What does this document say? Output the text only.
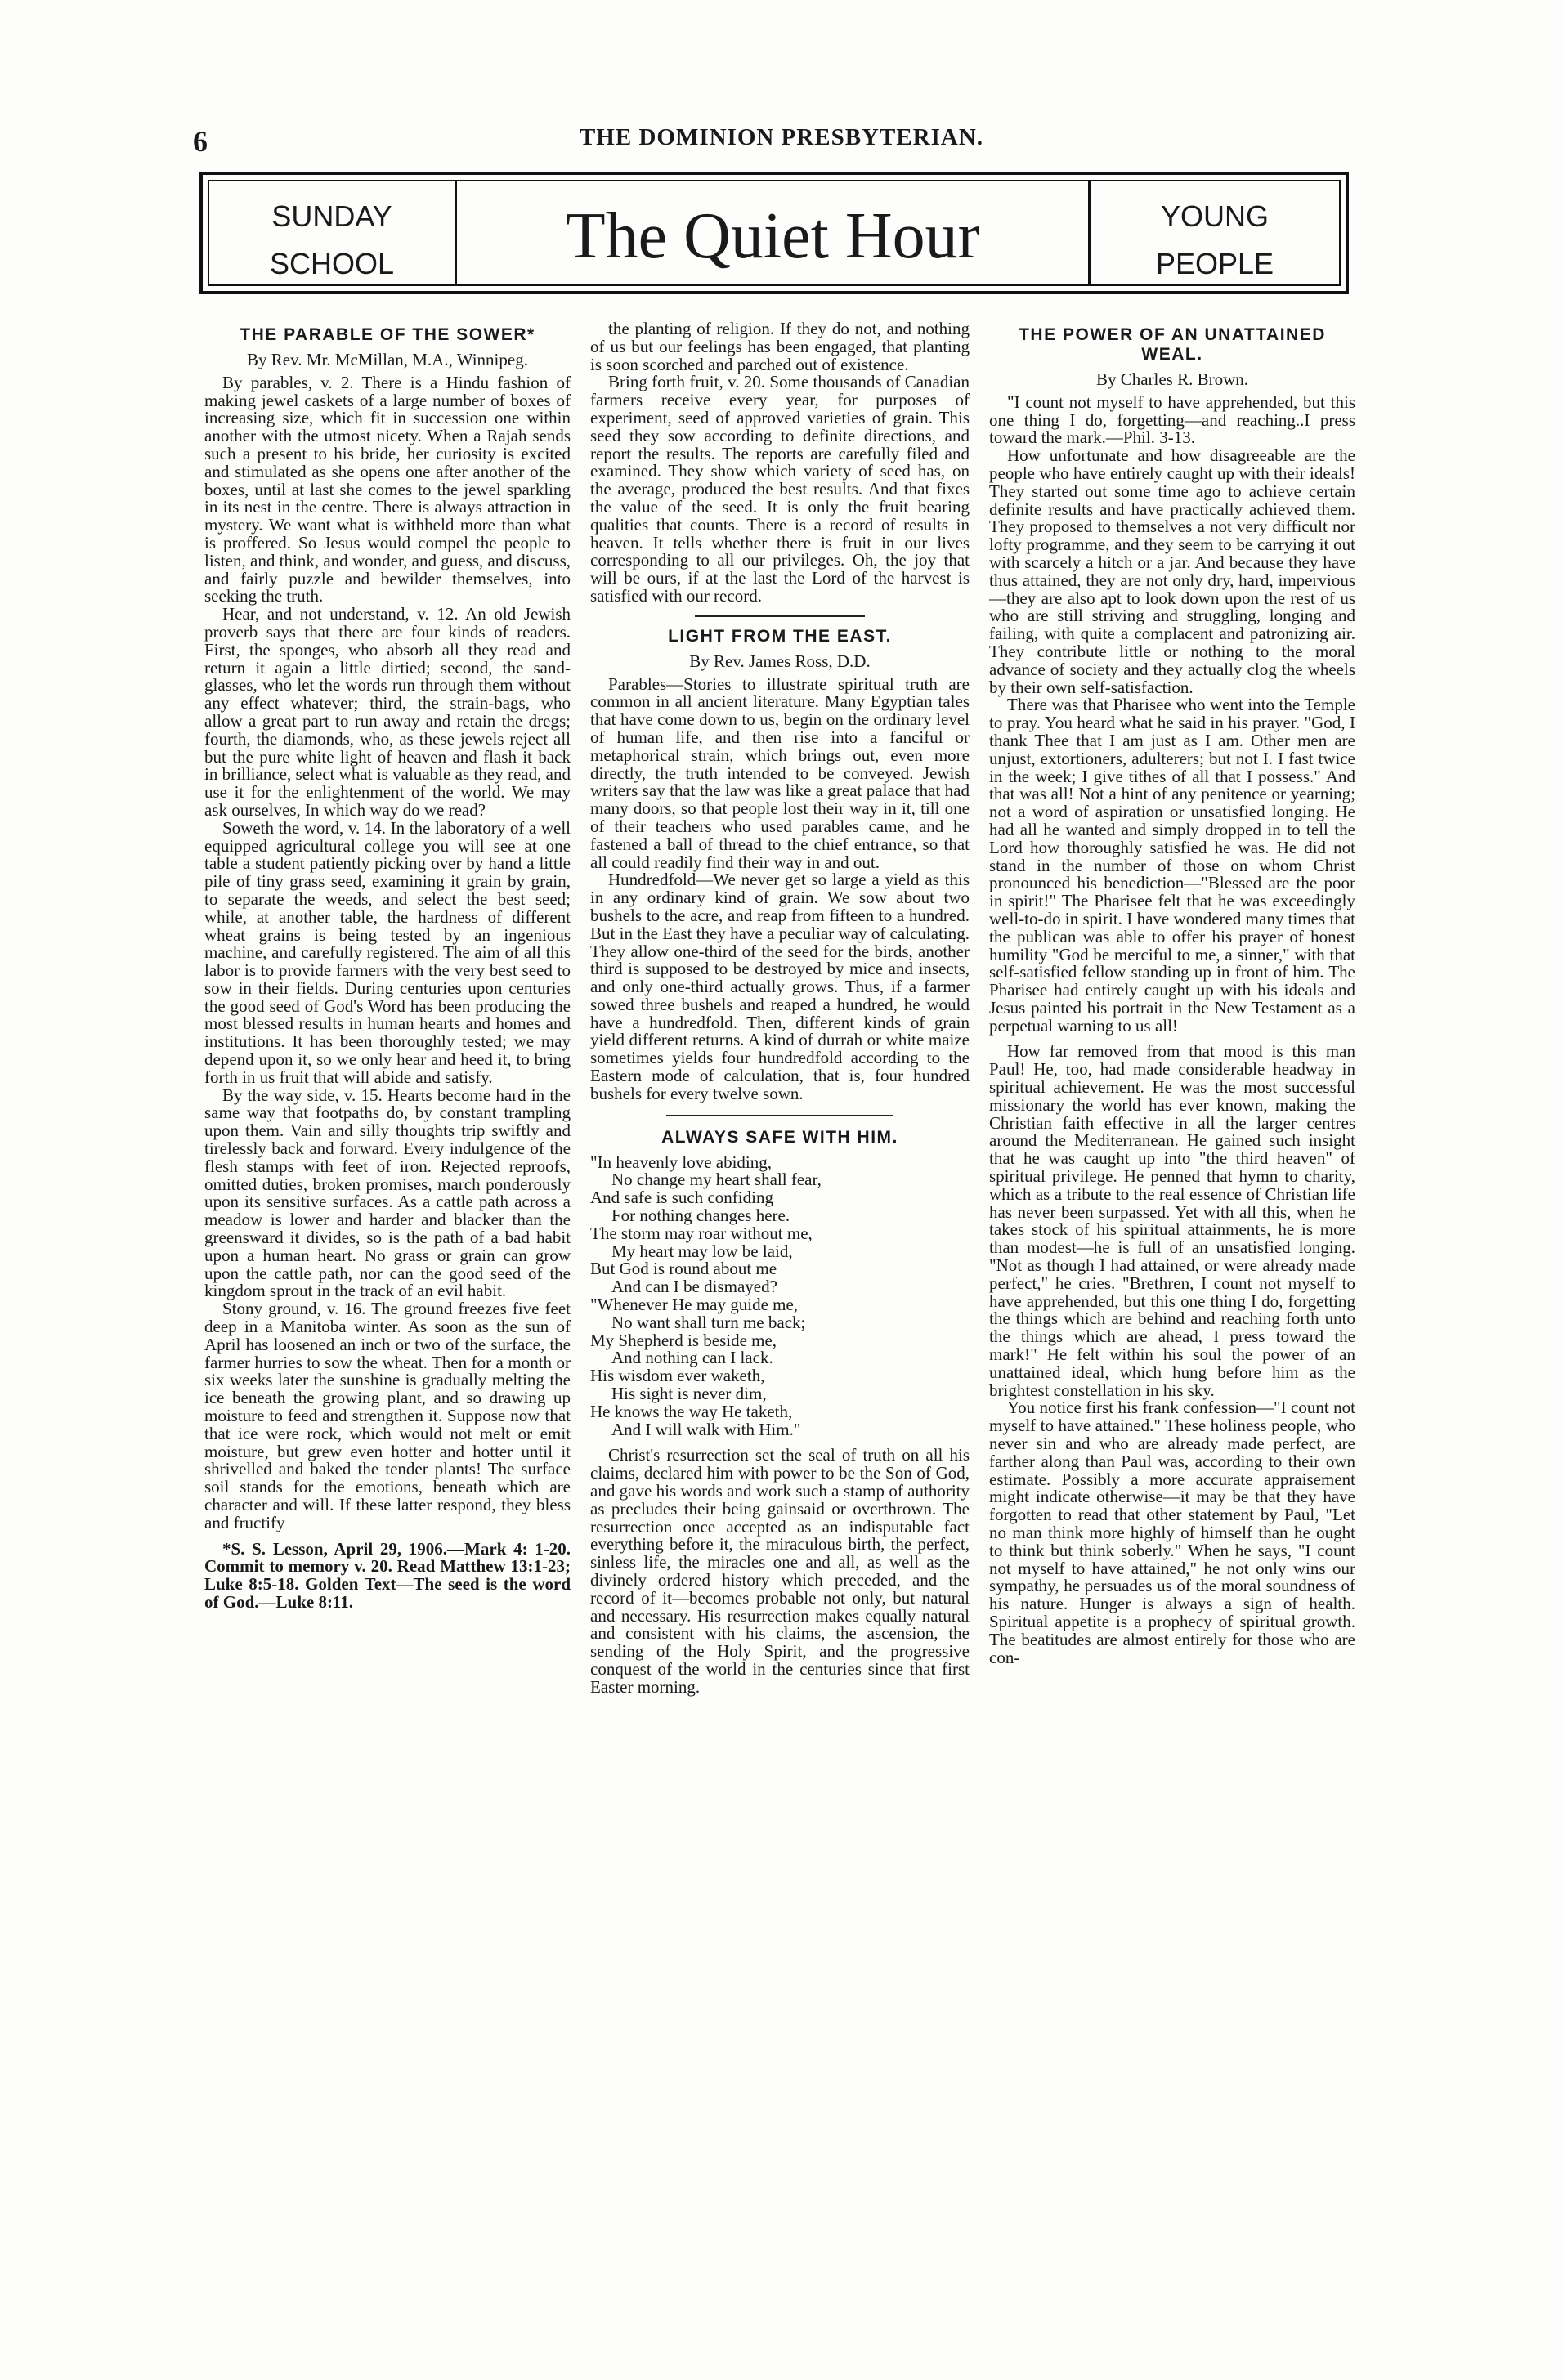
6	THE DOMINION PRESBYTERIAN.
SUNDAY
SCHOOL	The Quiet Hour	YOUNG
PEOPLE
THE PARABLE OF THE SOWER*

By Rev. Mr. McMillan, M.A., Winnipeg.

By parables, v. 2. There is a Hindu fashion of making jewel caskets of a large number of boxes of increasing size, which fit in succession one within another with the utmost nicety. When a Rajah sends such a present to his bride, her curiosity is excited and stimulated as she opens one after another of the boxes, until at last she comes to the jewel sparkling in its nest in the centre. There is always attraction in mystery. We want what is withheld more than what is proffered. So Jesus would compel the people to listen, and think, and wonder, and guess, and discuss, and fairly puzzle and bewilder themselves, into seeking the truth.

Hear, and not understand, v. 12. An old Jewish proverb says that there are four kinds of readers. First, the sponges, who absorb all they read and return it again a little dirtied; second, the sand-glasses, who let the words run through them without any effect whatever; third, the strain-bags, who allow a great part to run away and retain the dregs; fourth, the diamonds, who, as these jewels reject all but the pure white light of heaven and flash it back in brilliance, select what is valuable as they read, and use it for the enlightenment of the world. We may ask ourselves, In which way do we read?

Soweth the word, v. 14. In the laboratory of a well equipped agricultural college you will see at one table a student patiently picking over by hand a little pile of tiny grass seed, examining it grain by grain, to separate the weeds, and select the best seed; while, at another table, the hardness of different wheat grains is being tested by an ingenious machine, and carefully registered. The aim of all this labor is to provide farmers with the very best seed to sow in their fields. During centuries upon centuries the good seed of God's Word has been producing the most blessed results in human hearts and homes and institutions. It has been thoroughly tested; we may depend upon it, so we only hear and heed it, to bring forth in us fruit that will abide and satisfy.

By the way side, v. 15. Hearts become hard in the same way that footpaths do, by constant trampling upon them. Vain and silly thoughts trip swiftly and tirelessly back and forward. Every indulgence of the flesh stamps with feet of iron. Rejected reproofs, omitted duties, broken promises, march ponderously upon its sensitive surfaces. As a cattle path across a meadow is lower and harder and blacker than the greensward it divides, so is the path of a bad habit upon a human heart. No grass or grain can grow upon the cattle path, nor can the good seed of the kingdom sprout in the track of an evil habit.

Stony ground, v. 16. The ground freezes five feet deep in a Manitoba winter. As soon as the sun of April has loosened an inch or two of the surface, the farmer hurries to sow the wheat. Then for a month or six weeks later the sunshine is gradually melting the ice beneath the growing plant, and so drawing up moisture to feed and strengthen it. Suppose now that that ice were rock, which would not melt or emit moisture, but grew even hotter and hotter until it shrivelled and baked the tender plants! The surface soil stands for the emotions, beneath which are character and will. If these latter respond, they bless and fructify

*S. S. Lesson, April 29, 1906.—Mark 4: 1-20. Commit to memory v. 20. Read Matthew 13:1-23; Luke 8:5-18. Golden Text—The seed is the word of God.—Luke 8:11.

the planting of religion. If they do not, and nothing of us but our feelings has been engaged, that planting is soon scorched and parched out of existence.

Bring forth fruit, v. 20. Some thousands of Canadian farmers receive every year, for purposes of experiment, seed of approved varieties of grain. This seed they sow according to definite directions, and report the results. The reports are carefully filed and examined. They show which variety of seed has, on the average, produced the best results. And that fixes the value of the seed. It is only the fruit bearing qualities that counts. There is a record of results in heaven. It tells whether there is fruit in our lives corresponding to all our privileges. Oh, the joy that will be ours, if at the last the Lord of the harvest is satisfied with our record.

LIGHT FROM THE EAST.

By Rev. James Ross, D.D.

Parables—Stories to illustrate spiritual truth are common in all ancient literature. Many Egyptian tales that have come down to us, begin on the ordinary level of human life, and then rise into a fanciful or metaphorical strain, which brings out, even more directly, the truth intended to be conveyed. Jewish writers say that the law was like a great palace that had many doors, so that people lost their way in it, till one of their teachers who used parables came, and he fastened a ball of thread to the chief entrance, so that all could readily find their way in and out.

Hundredfold—We never get so large a yield as this in any ordinary kind of grain. We sow about two bushels to the acre, and reap from fifteen to a hundred. But in the East they have a peculiar way of calculating. They allow one-third of the seed for the birds, another third is supposed to be destroyed by mice and insects, and only one-third actually grows. Thus, if a farmer sowed three bushels and reaped a hundred, he would have a hundredfold. Then, different kinds of grain yield different returns. A kind of durrah or white maize sometimes yields four hundredfold according to the Eastern mode of calculation, that is, four hundred bushels for every twelve sown.

ALWAYS SAFE WITH HIM.

"In heavenly love abiding,

No change my heart shall fear,

And safe is such confiding

For nothing changes here.

The storm may roar without me,

My heart may low be laid,

But God is round about me

And can I be dismayed?

"Whenever He may guide me,

No want shall turn me back;

My Shepherd is beside me,

And nothing can I lack.

His wisdom ever waketh,

His sight is never dim,

He knows the way He taketh,

And I will walk with Him."

Christ's resurrection set the seal of truth on all his claims, declared him with power to be the Son of God, and gave his words and work such a stamp of authority as precludes their being gainsaid or overthrown. The resurrection once accepted as an indisputable fact everything before it, the miraculous birth, the perfect, sinless life, the miracles one and all, as well as the divinely ordered history which preceded, and the record of it—becomes probable not only, but natural and necessary. His resurrection makes equally natural and consistent with his claims, the ascension, the sending of the Holy Spirit, and the progressive conquest of the world in the centuries since that first Easter morning.

THE POWER OF AN UNATTAINED WEAL.

By Charles R. Brown.

"I count not myself to have apprehended, but this one thing I do, forgetting—and reaching..I press toward the mark.—Phil. 3-13.

How unfortunate and how disagreeable are the people who have entirely caught up with their ideals! They started out some time ago to achieve certain definite results and have practically achieved them. They proposed to themselves a not very difficult nor lofty programme, and they seem to be carrying it out with scarcely a hitch or a jar. And because they have thus attained, they are not only dry, hard, impervious—they are also apt to look down upon the rest of us who are still striving and struggling, longing and failing, with quite a complacent and patronizing air. They contribute little or nothing to the moral advance of society and they actually clog the wheels by their own self-satisfaction.

There was that Pharisee who went into the Temple to pray. You heard what he said in his prayer. "God, I thank Thee that I am just as I am. Other men are unjust, extortioners, adulterers; but not I. I fast twice in the week; I give tithes of all that I possess." And that was all! Not a hint of any penitence or yearning; not a word of aspiration or unsatisfied longing. He had all he wanted and simply dropped in to tell the Lord how thoroughly satisfied he was. He did not stand in the number of those on whom Christ pronounced his benediction—"Blessed are the poor in spirit!" The Pharisee felt that he was exceedingly well-to-do in spirit. I have wondered many times that the publican was able to offer his prayer of honest humility "God be merciful to me, a sinner," with that self-satisfied fellow standing up in front of him. The Pharisee had entirely caught up with his ideals and Jesus painted his portrait in the New Testament as a perpetual warning to us all!

How far removed from that mood is this man Paul! He, too, had made considerable headway in spiritual achievement. He was the most successful missionary the world has ever known, making the Christian faith effective in all the larger centres around the Mediterranean. He gained such insight that he was caught up into "the third heaven" of spiritual privilege. He penned that hymn to charity, which as a tribute to the real essence of Christian life has never been surpassed. Yet with all this, when he takes stock of his spiritual attainments, he is more than modest—he is full of an unsatisfied longing. "Not as though I had attained, or were already made perfect," he cries. "Brethren, I count not myself to have apprehended, but this one thing I do, forgetting the things which are behind and reaching forth unto the things which are ahead, I press toward the mark!" He felt within his soul the power of an unattained ideal, which hung before him as the brightest constellation in his sky.

You notice first his frank confession—"I count not myself to have attained." These holiness people, who never sin and who are already made perfect, are farther along than Paul was, according to their own estimate. Possibly a more accurate appraisement might indicate otherwise—it may be that they have forgotten to read that other statement by Paul, "Let no man think more highly of himself than he ought to think but think soberly." When he says, "I count not myself to have attained," he not only wins our sympathy, he persuades us of the moral soundness of his nature. Hunger is always a sign of health. Spiritual appetite is a prophecy of spiritual growth. The beatitudes are almost entirely for those who are con-
